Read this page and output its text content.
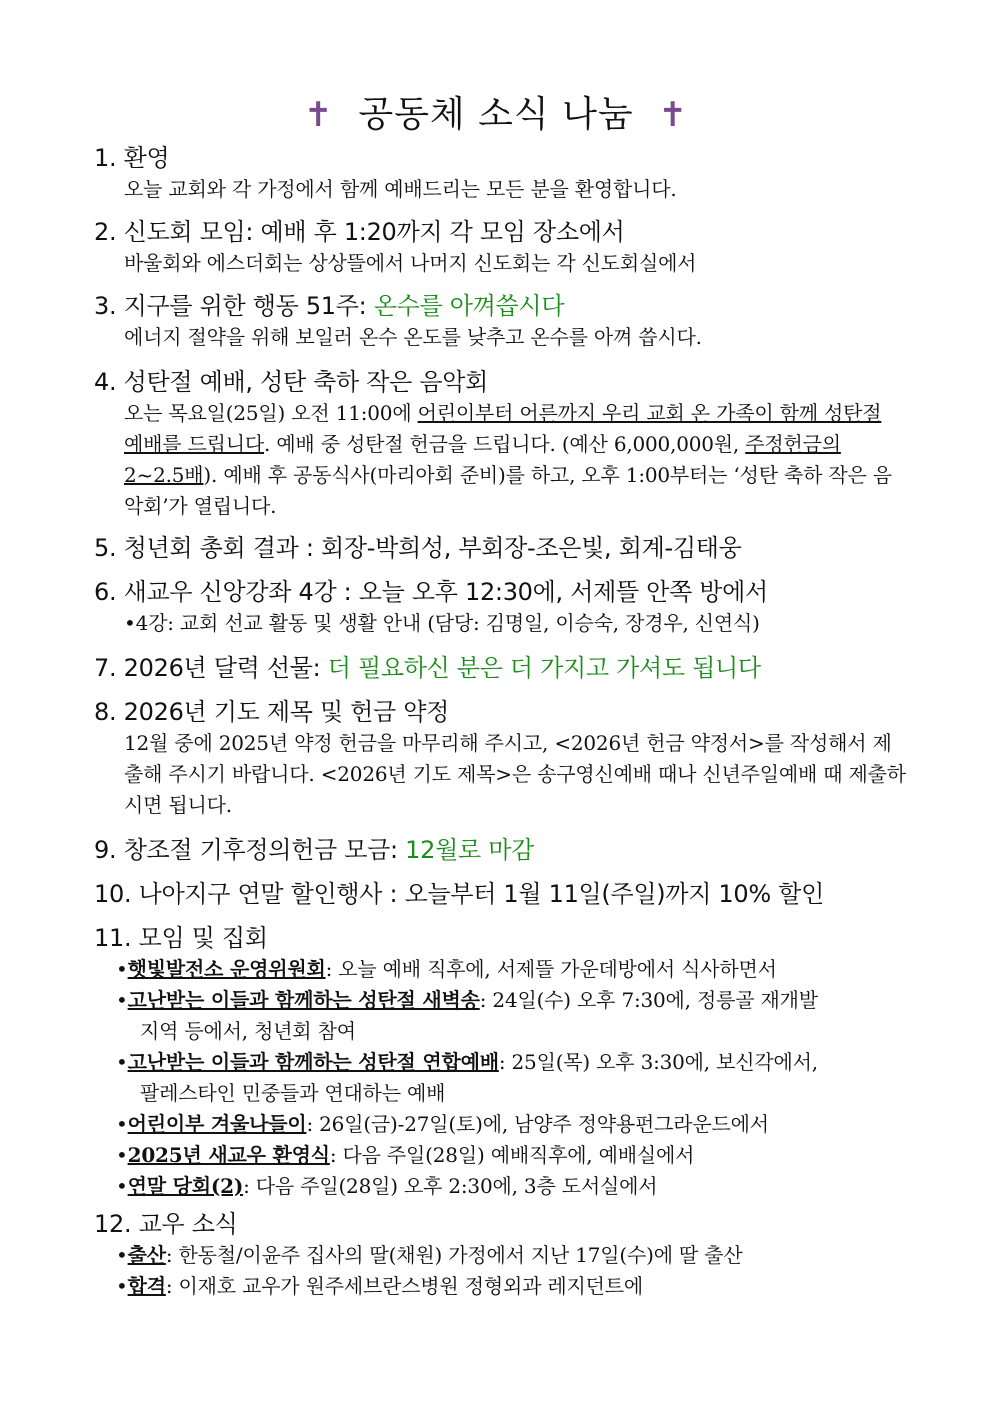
✝ 공동체 소식 나눔 ✝
1. 환영
오늘 교회와 각 가정에서 함께 예배드리는 모든 분을 환영합니다.
2. 신도회 모임: 예배 후 1:20까지 각 모임 장소에서
바울회와 에스더회는 상상뜰에서 나머지 신도회는 각 신도회실에서
3. 지구를 위한 행동 51주: 온수를 아껴씁시다
에너지 절약을 위해 보일러 온수 온도를 낮추고 온수를 아껴 씁시다.
4. 성탄절 예배, 성탄 축하 작은 음악회
오는 목요일(25일) 오전 11:00에 어린이부터 어른까지 우리 교회 온 가족이 함께 성탄절 예배를 드립니다. 예배 중 성탄절 헌금을 드립니다. (예산 6,000,000원, 주정헌금의 2~2.5배). 예배 후 공동식사(마리아회 준비)를 하고, 오후 1:00부터는 ‘성탄 축하 작은 음악회’가 열립니다.
5. 청년회 총회 결과 : 회장-박희성, 부회장-조은빛, 회계-김태웅
6. 새교우 신앙강좌 4강 : 오늘 오후 12:30에, 서제뜰 안쪽 방에서
•4강: 교회 선교 활동 및 생활 안내 (담당: 김명일, 이승숙, 장경우, 신연식)
7. 2026년 달력 선물: 더 필요하신 분은 더 가지고 가셔도 됩니다
8. 2026년 기도 제목 및 헌금 약정
12월 중에 2025년 약정 헌금을 마무리해 주시고, <2026년 헌금 약정서>를 작성해서 제출해 주시기 바랍니다. <2026년 기도 제목>은 송구영신예배 때나 신년주일예배 때 제출하시면 됩니다.
9. 창조절 기후정의헌금 모금: 12월로 마감
10. 나아지구 연말 할인행사 : 오늘부터 1월 11일(주일)까지 10% 할인
11. 모임 및 집회
•햇빛발전소 운영위원회: 오늘 예배 직후에, 서제뜰 가운데방에서 식사하면서
•고난받는 이들과 함께하는 성탄절 새벽송: 24일(수) 오후 7:30에, 정릉골 재개발
지역 등에서, 청년회 참여
•고난받는 이들과 함께하는 성탄절 연합예배: 25일(목) 오후 3:30에, 보신각에서,
팔레스타인 민중들과 연대하는 예배
•어린이부 겨울나들이: 26일(금)-27일(토)에, 남양주 정약용펀그라운드에서
•2025년 새교우 환영식: 다음 주일(28일) 예배직후에, 예배실에서
•연말 당회(2): 다음 주일(28일) 오후 2:30에, 3층 도서실에서
12. 교우 소식
•출산: 한동철/이윤주 집사의 딸(채원) 가정에서 지난 17일(수)에 딸 출산
•합격: 이재호 교우가 원주세브란스병원 정형외과 레지던트에
